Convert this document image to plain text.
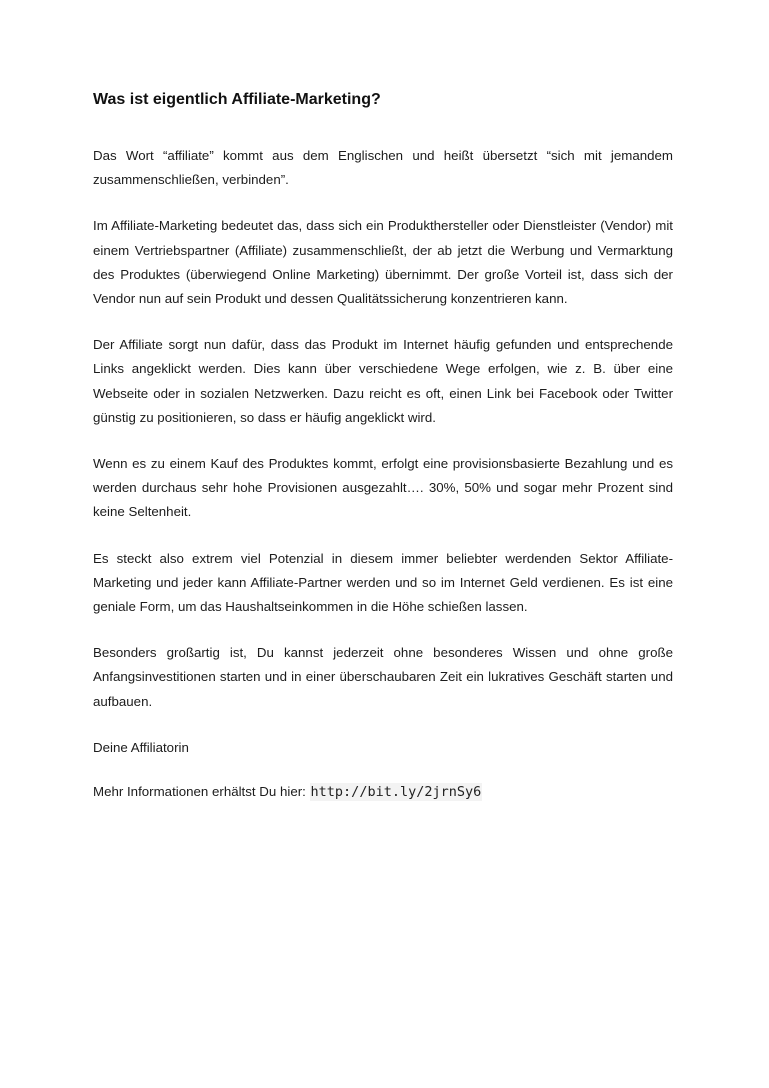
Was ist eigentlich Affiliate-Marketing?

Das Wort “affiliate” kommt aus dem Englischen und heißt übersetzt “sich mit jemandem zusammenschließen, verbinden”.

Im Affiliate-Marketing bedeutet das, dass sich ein Produkthersteller oder Dienstleister (Vendor) mit einem Vertriebspartner (Affiliate) zusammenschließt, der ab jetzt die Werbung und Vermarktung des Produktes (überwiegend Online Marketing) übernimmt. Der große Vorteil ist, dass sich der Vendor nun auf sein Produkt und dessen Qualitätssicherung konzentrieren kann.

Der Affiliate sorgt nun dafür, dass das Produkt im Internet häufig gefunden und entsprechende Links angeklickt werden. Dies kann über verschiedene Wege erfolgen, wie z. B. über eine Webseite oder in sozialen Netzwerken. Dazu reicht es oft, einen Link bei Facebook oder Twitter günstig zu positionieren, so dass er häufig angeklickt wird.

Wenn es zu einem Kauf des Produktes kommt, erfolgt eine provisionsbasierte Bezahlung und es werden durchaus sehr hohe Provisionen ausgezahlt…. 30%, 50% und sogar mehr Prozent sind keine Seltenheit.

Es steckt also extrem viel Potenzial in diesem immer beliebter werdenden Sektor Affiliate-Marketing und jeder kann Affiliate-Partner werden und so im Internet Geld verdienen. Es ist eine geniale Form, um das Haushaltseinkommen in die Höhe schießen lassen.

Besonders großartig ist, Du kannst jederzeit ohne besonderes Wissen und ohne große Anfangsinvestitionen starten und in einer überschaubaren Zeit ein lukratives Geschäft starten und aufbauen.

Deine Affiliatorin

Mehr Informationen erhältst Du hier: http://bit.ly/2jrnSy6
